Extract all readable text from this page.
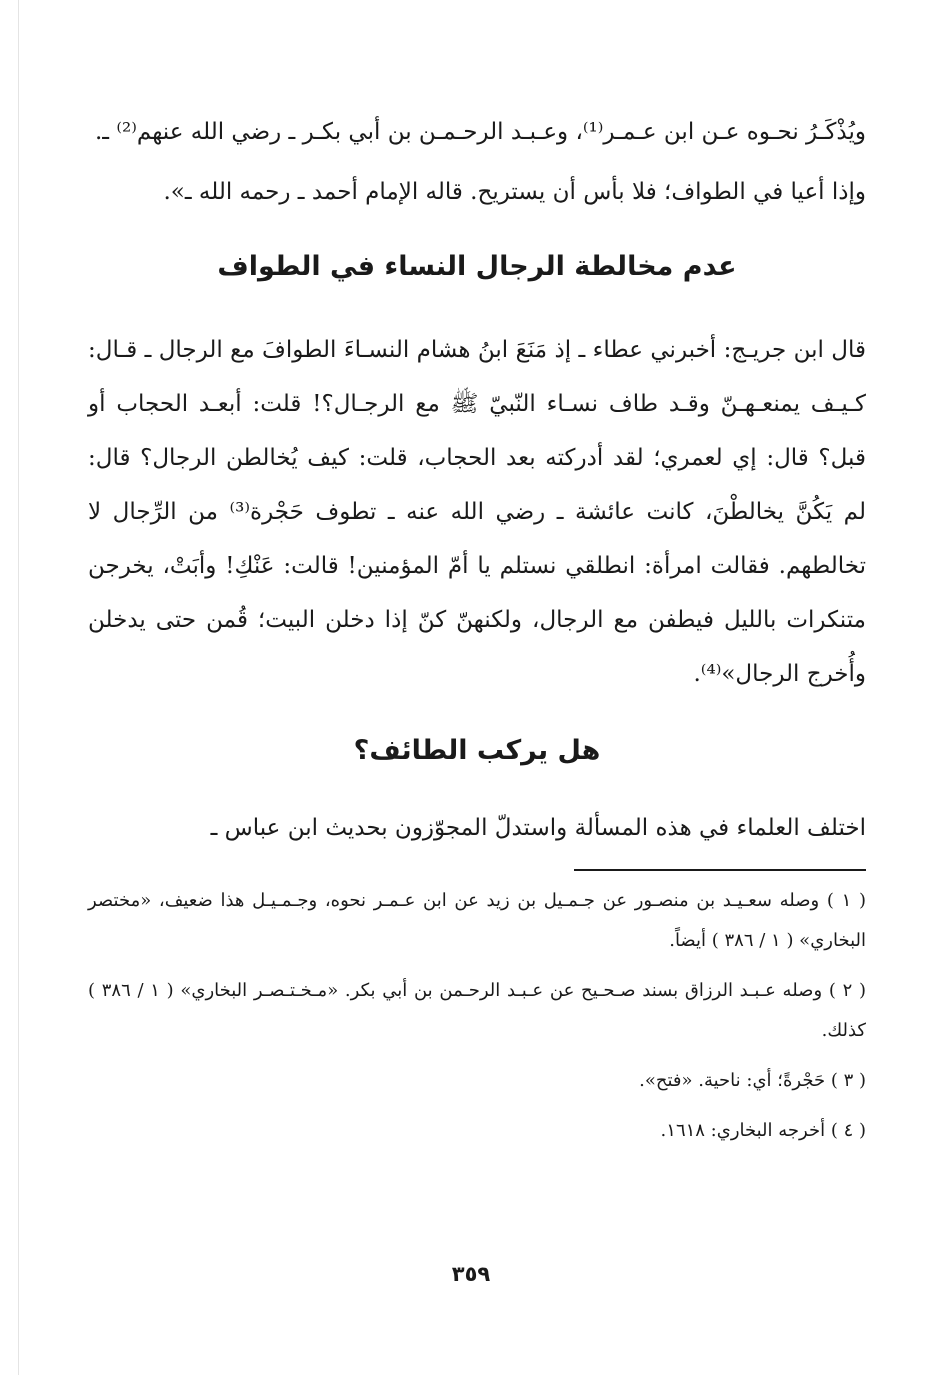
ويُذْكَـرُ نحـوه عـن ابن عـمـر⁽¹⁾، وعـبـد الرحـمـن بن أبي بكـر ـ رضي الله عنهم⁽²⁾ ـ.

وإذا أعيا في الطواف؛ فلا بأس أن يستريح. قاله الإمام أحمد ـ رحمه الله ـ».

عدم مخالطة الرجال النساء في الطواف

قال ابن جريـج: أخبرني عطاء ـ إذ مَنَعَ ابنُ هشام النسـاءَ الطوافَ مع الرجال ـ قـال: كـيـف يمنعـهـنّ وقـد طاف نسـاء النّبيّ ﷺ مع الرجـال؟! قلت: أبعـد الحجاب أو قبل؟ قال: إي لعمري؛ لقد أدركته بعد الحجاب، قلت: كيف يُخالطن الرجال؟ قال: لم يَكُنَّ يخالطْنَ، كانت عائشة ـ رضي الله عنه ـ تطوف حَجْرة⁽³⁾ من الرِّجال لا تخالطهم. فقالت امرأة: انطلقي نستلم يا أمّ المؤمنين! قالت: عَنْكِ! وأبَتْ، يخرجن متنكرات بالليل فيطفن مع الرجال، ولكنهنّ كنّ إذا دخلن البيت؛ قُمن حتى يدخلن وأُخرج الرجال»⁽⁴⁾.

هل يركب الطائف؟

اختلف العلماء في هذه المسألة واستدلّ المجوّزون بحديث ابن عباس ـ

( ١ ) وصله سعـيـد بن منصـور عن جـمـيل بن زيد عن ابن عـمـر نحوه، وجـمـيـل هذا ضعيف، «مختصر البخاري» ( ١ / ٣٨٦ ) أيضاً.

( ٢ ) وصله عـبـد الرزاق بسند صـحـيح عن عـبـد الرحـمن بن أبي بكر. «مـخـتـصـر البخاري» ( ١ / ٣٨٦ ) كذلك.

( ٣ ) حَجْرةً؛ أي: ناحية. «فتح».

( ٤ ) أخرجه البخاري: ١٦١٨.

٣٥٩
